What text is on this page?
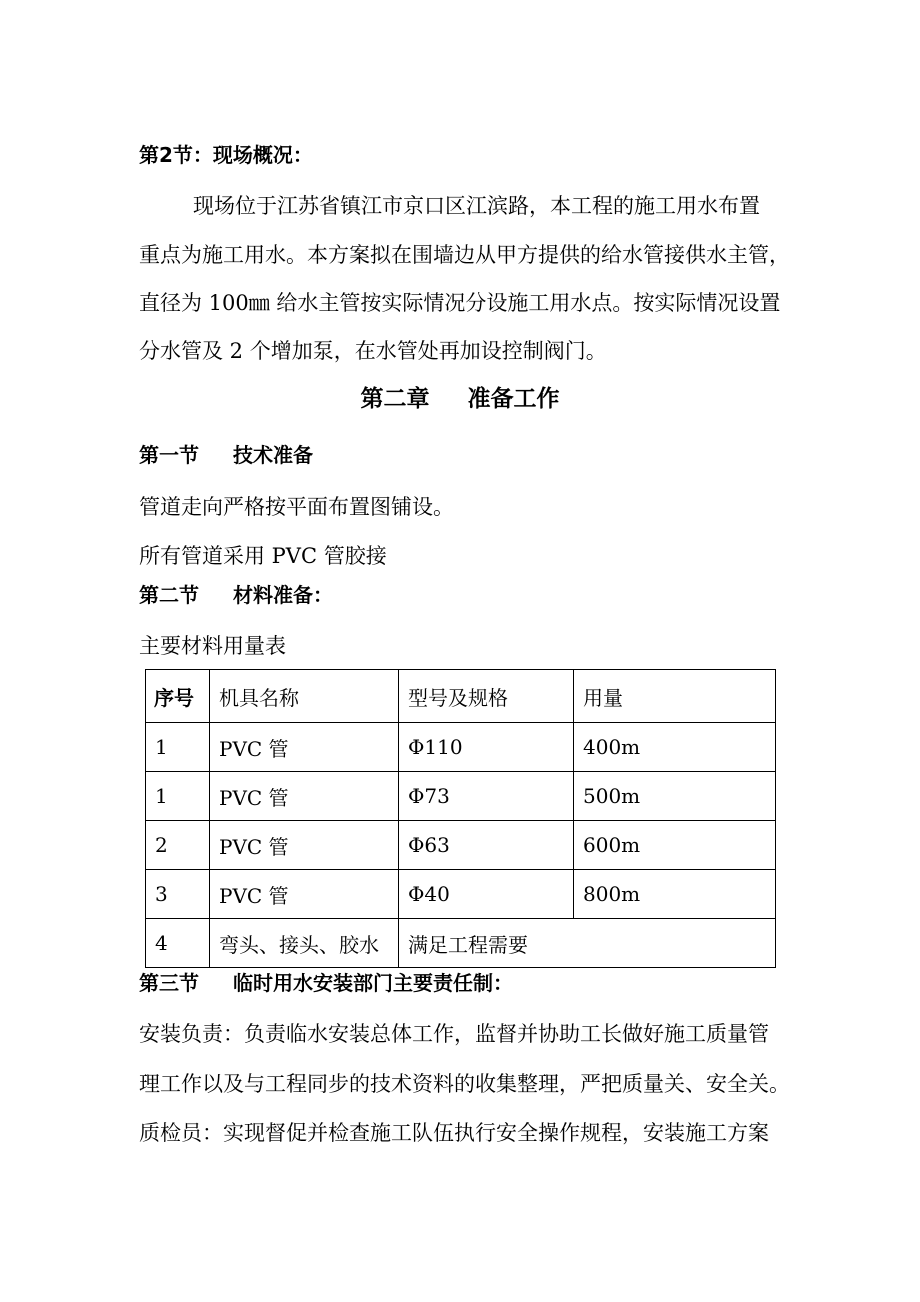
第2节：现场概况：
现场位于江苏省镇江市京口区江滨路，本工程的施工用水布置
重点为施工用水。本方案拟在围墙边从甲方提供的给水管接供水主管，
直径为 100㎜ 给水主管按实际情况分设施工用水点。按实际情况设置
分水管及 2 个增加泵，在水管处再加设控制阀门。
第二章 准备工作
第一节 技术准备
管道走向严格按平面布置图铺设。
所有管道采用 PVC 管胶接
第二节 材料准备：
主要材料用量表
序号	机具名称	型号及规格	用量
1	PVC 管	Φ110	400m
1	PVC 管	Φ73	500m
2	PVC 管	Φ63	600m
3	PVC 管	Φ40	800m
4	弯头、接头、胶水	满足工程需要	
第三节 临时用水安装部门主要责任制：
安装负责：负责临水安装总体工作，监督并协助工长做好施工质量管
理工作以及与工程同步的技术资料的收集整理，严把质量关、安全关。
质检员：实现督促并检查施工队伍执行安全操作规程，安装施工方案
